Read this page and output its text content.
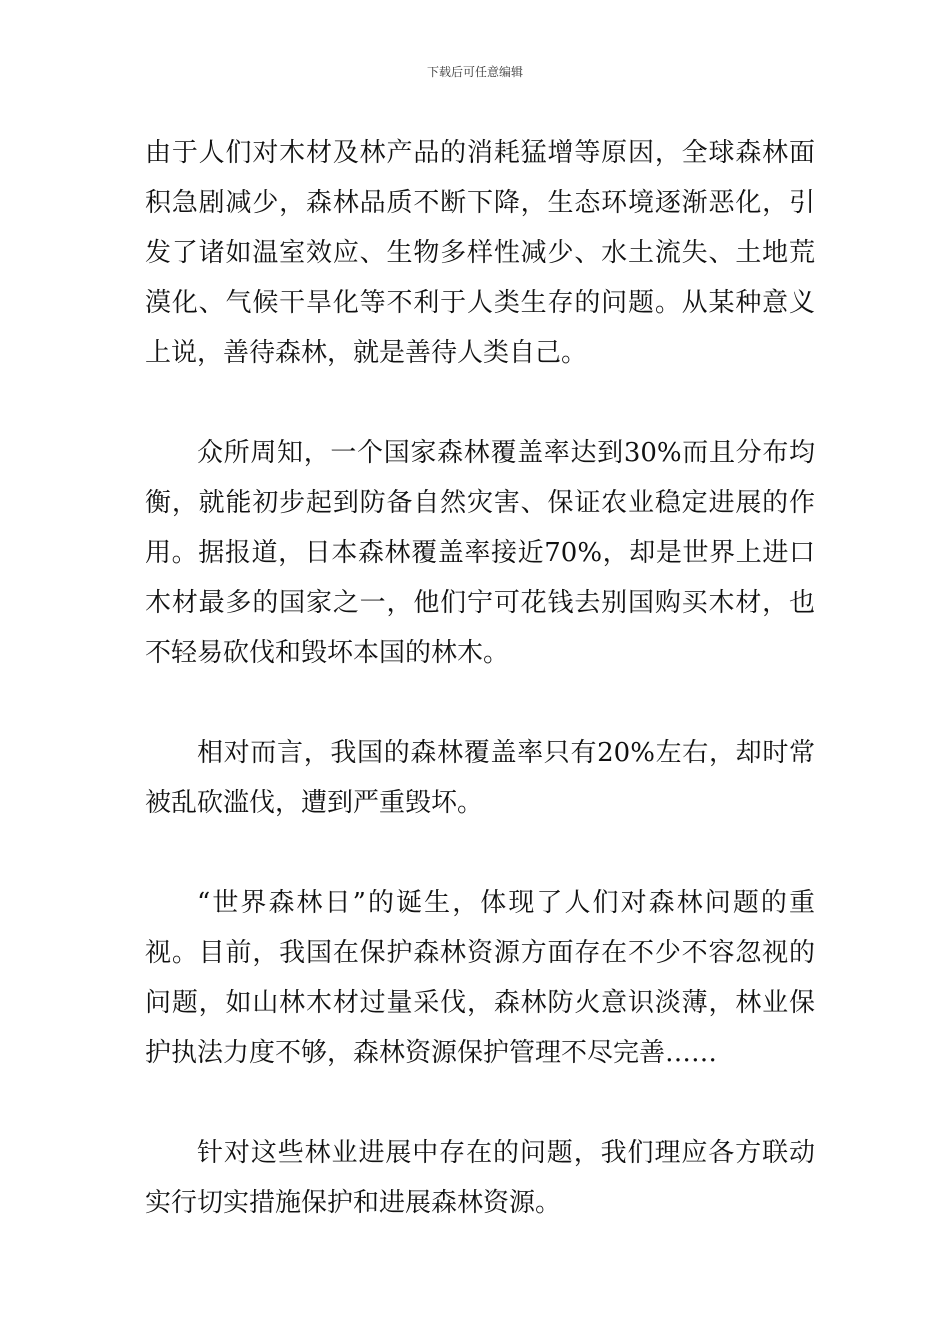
下载后可任意编辑

由于人们对木材及林产品的消耗猛增等原因，全球森林面积急剧减少，森林品质不断下降，生态环境逐渐恶化，引发了诸如温室效应、生物多样性减少、水土流失、土地荒漠化、气候干旱化等不利于人类生存的问题。从某种意义上说，善待森林，就是善待人类自己。

众所周知，一个国家森林覆盖率达到30%而且分布均衡，就能初步起到防备自然灾害、保证农业稳定进展的作用。据报道，日本森林覆盖率接近70%，却是世界上进口木材最多的国家之一，他们宁可花钱去别国购买木材，也不轻易砍伐和毁坏本国的林木。

相对而言，我国的森林覆盖率只有20%左右，却时常被乱砍滥伐，遭到严重毁坏。

“世界森林日”的诞生，体现了人们对森林问题的重视。目前，我国在保护森林资源方面存在不少不容忽视的问题，如山林木材过量采伐，森林防火意识淡薄，林业保护执法力度不够，森林资源保护管理不尽完善……

针对这些林业进展中存在的问题，我们理应各方联动实行切实措施保护和进展森林资源。
